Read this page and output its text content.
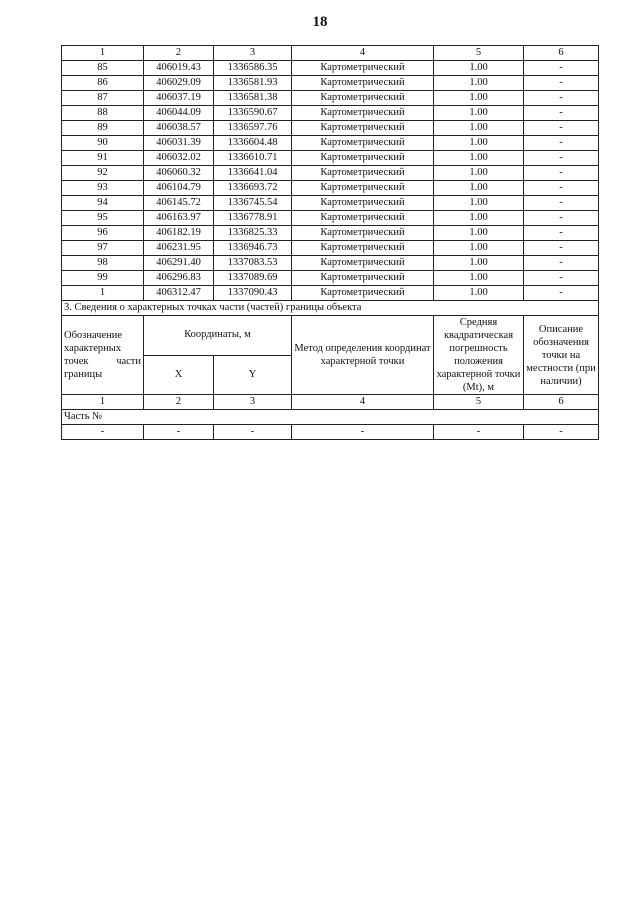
18
1	2	3	4	5	6
85	406019.43	1336586.35	Картометрический	1.00	-
86	406029.09	1336581.93	Картометрический	1.00	-
87	406037.19	1336581.38	Картометрический	1.00	-
88	406044.09	1336590.67	Картометрический	1.00	-
89	406038.57	1336597.76	Картометрический	1.00	-
90	406031.39	1336604.48	Картометрический	1.00	-
91	406032.02	1336610.71	Картометрический	1.00	-
92	406060.32	1336641.04	Картометрический	1.00	-
93	406104.79	1336693.72	Картометрический	1.00	-
94	406145.72	1336745.54	Картометрический	1.00	-
95	406163.97	1336778.91	Картометрический	1.00	-
96	406182.19	1336825.33	Картометрический	1.00	-
97	406231.95	1336946.73	Картометрический	1.00	-
98	406291.40	1337083.53	Картометрический	1.00	-
99	406296.83	1337089.69	Картометрический	1.00	-
1	406312.47	1337090.43	Картометрический	1.00	-
3. Сведения о характерных точках части (частей) границы объекта					
Обозначение характерных точек части границы	Координаты, м		Метод определения координат характерной точки	Средняя квадратическая погрешность положения характерной точки (Mt), м	Описание обозначения точки на местности (при наличии)
	X	Y			
1	2	3	4	5	6
Часть №					
-	-	-	-	-	-
